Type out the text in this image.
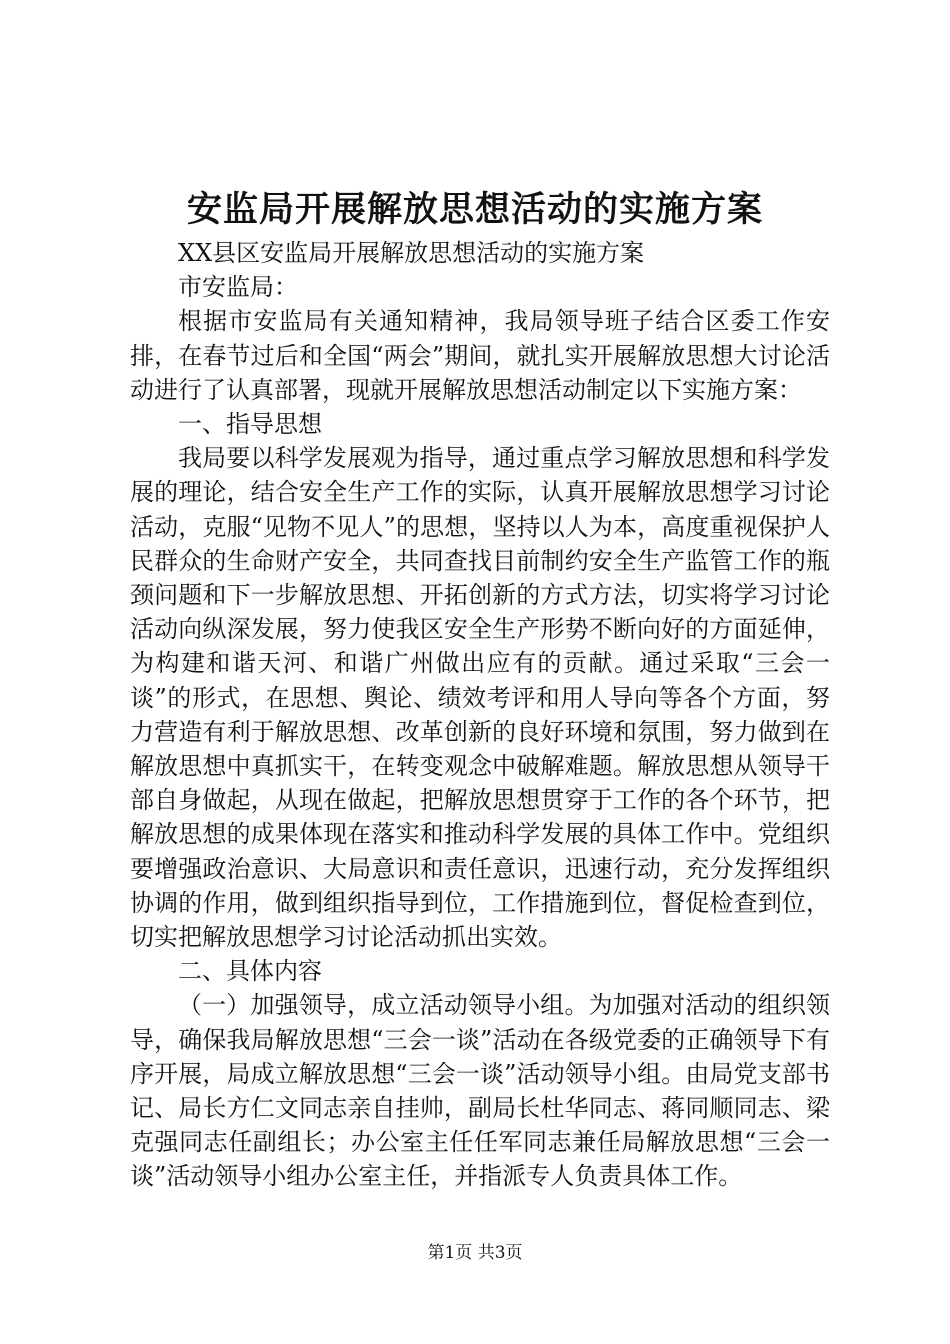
安监局开展解放思想活动的实施方案

XX县区安监局开展解放思想活动的实施方案

市安监局：

根据市安监局有关通知精神，我局领导班子结合区委工作安排，在春节过后和全国“两会”期间，就扎实开展解放思想大讨论活动进行了认真部署，现就开展解放思想活动制定以下实施方案：

一、指导思想

我局要以科学发展观为指导，通过重点学习解放思想和科学发展的理论，结合安全生产工作的实际，认真开展解放思想学习讨论活动，克服“见物不见人”的思想，坚持以人为本，高度重视保护人民群众的生命财产安全，共同查找目前制约安全生产监管工作的瓶颈问题和下一步解放思想、开拓创新的方式方法，切实将学习讨论活动向纵深发展，努力使我区安全生产形势不断向好的方面延伸，为构建和谐天河、和谐广州做出应有的贡献。通过采取“三会一谈”的形式，在思想、舆论、绩效考评和用人导向等各个方面，努力营造有利于解放思想、改革创新的良好环境和氛围，努力做到在解放思想中真抓实干，在转变观念中破解难题。解放思想从领导干部自身做起，从现在做起，把解放思想贯穿于工作的各个环节，把解放思想的成果体现在落实和推动科学发展的具体工作中。党组织要增强政治意识、大局意识和责任意识，迅速行动，充分发挥组织协调的作用，做到组织指导到位，工作措施到位，督促检查到位，切实把解放思想学习讨论活动抓出实效。

二、具体内容

（一）加强领导，成立活动领导小组。为加强对活动的组织领导，确保我局解放思想“三会一谈”活动在各级党委的正确领导下有序开展，局成立解放思想“三会一谈”活动领导小组。由局党支部书记、局长方仁文同志亲自挂帅，副局长杜华同志、蒋同顺同志、梁克强同志任副组长；办公室主任任军同志兼任局解放思想“三会一谈”活动领导小组办公室主任，并指派专人负责具体工作。

第1页 共3页
